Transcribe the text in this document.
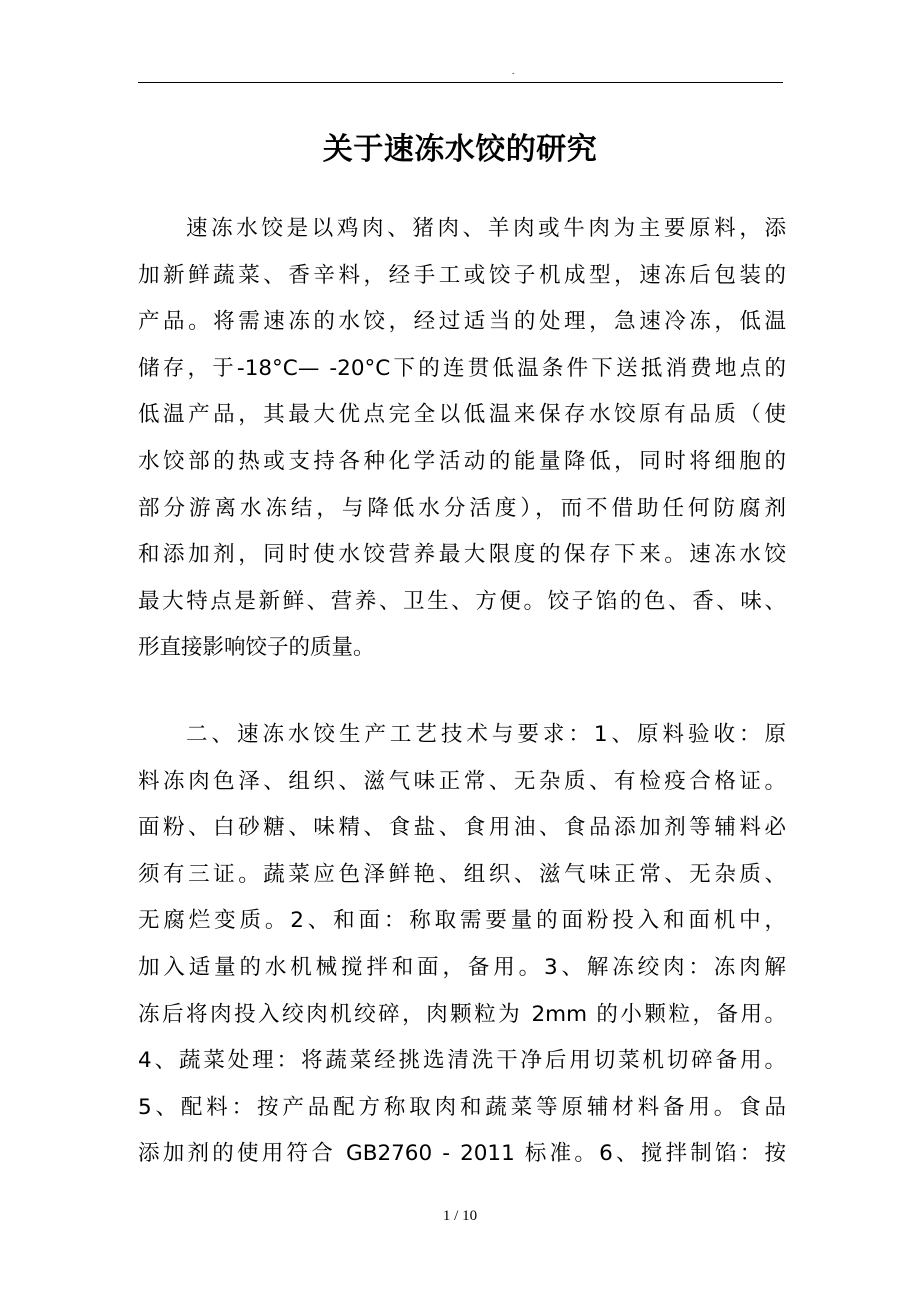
.
关于速冻水饺的研究
速冻水饺是以鸡肉、猪肉、羊肉或牛肉为主要原料，添
加新鲜蔬菜、香辛料，经手工或饺子机成型，速冻后包装的
产品。将需速冻的水饺，经过适当的处理，急速冷冻，低温
储存，于-18°C— -20°C下的连贯低温条件下送抵消费地点的
低温产品，其最大优点完全以低温来保存水饺原有品质（使
水饺部的热或支持各种化学活动的能量降低，同时将细胞的
部分游离水冻结，与降低水分活度），而不借助任何防腐剂
和添加剂，同时使水饺营养最大限度的保存下来。速冻水饺
最大特点是新鲜、营养、卫生、方便。饺子馅的色、香、味、
形直接影响饺子的质量。
二、速冻水饺生产工艺技术与要求：1、原料验收：原
料冻肉色泽、组织、滋气味正常、无杂质、有检疫合格证。
面粉、白砂糖、味精、食盐、食用油、食品添加剂等辅料必
须有三证。蔬菜应色泽鲜艳、组织、滋气味正常、无杂质、
无腐烂变质。2、和面：称取需要量的面粉投入和面机中，
加入适量的水机械搅拌和面，备用。3、解冻绞肉：冻肉解
冻后将肉投入绞肉机绞碎，肉颗粒为 2mm 的小颗粒，备用。
4、蔬菜处理：将蔬菜经挑选清洗干净后用切菜机切碎备用。
5、配料：按产品配方称取肉和蔬菜等原辅材料备用。食品
添加剂的使用符合 GB2760 - 2011 标准。6、搅拌制馅：按
1 / 10
